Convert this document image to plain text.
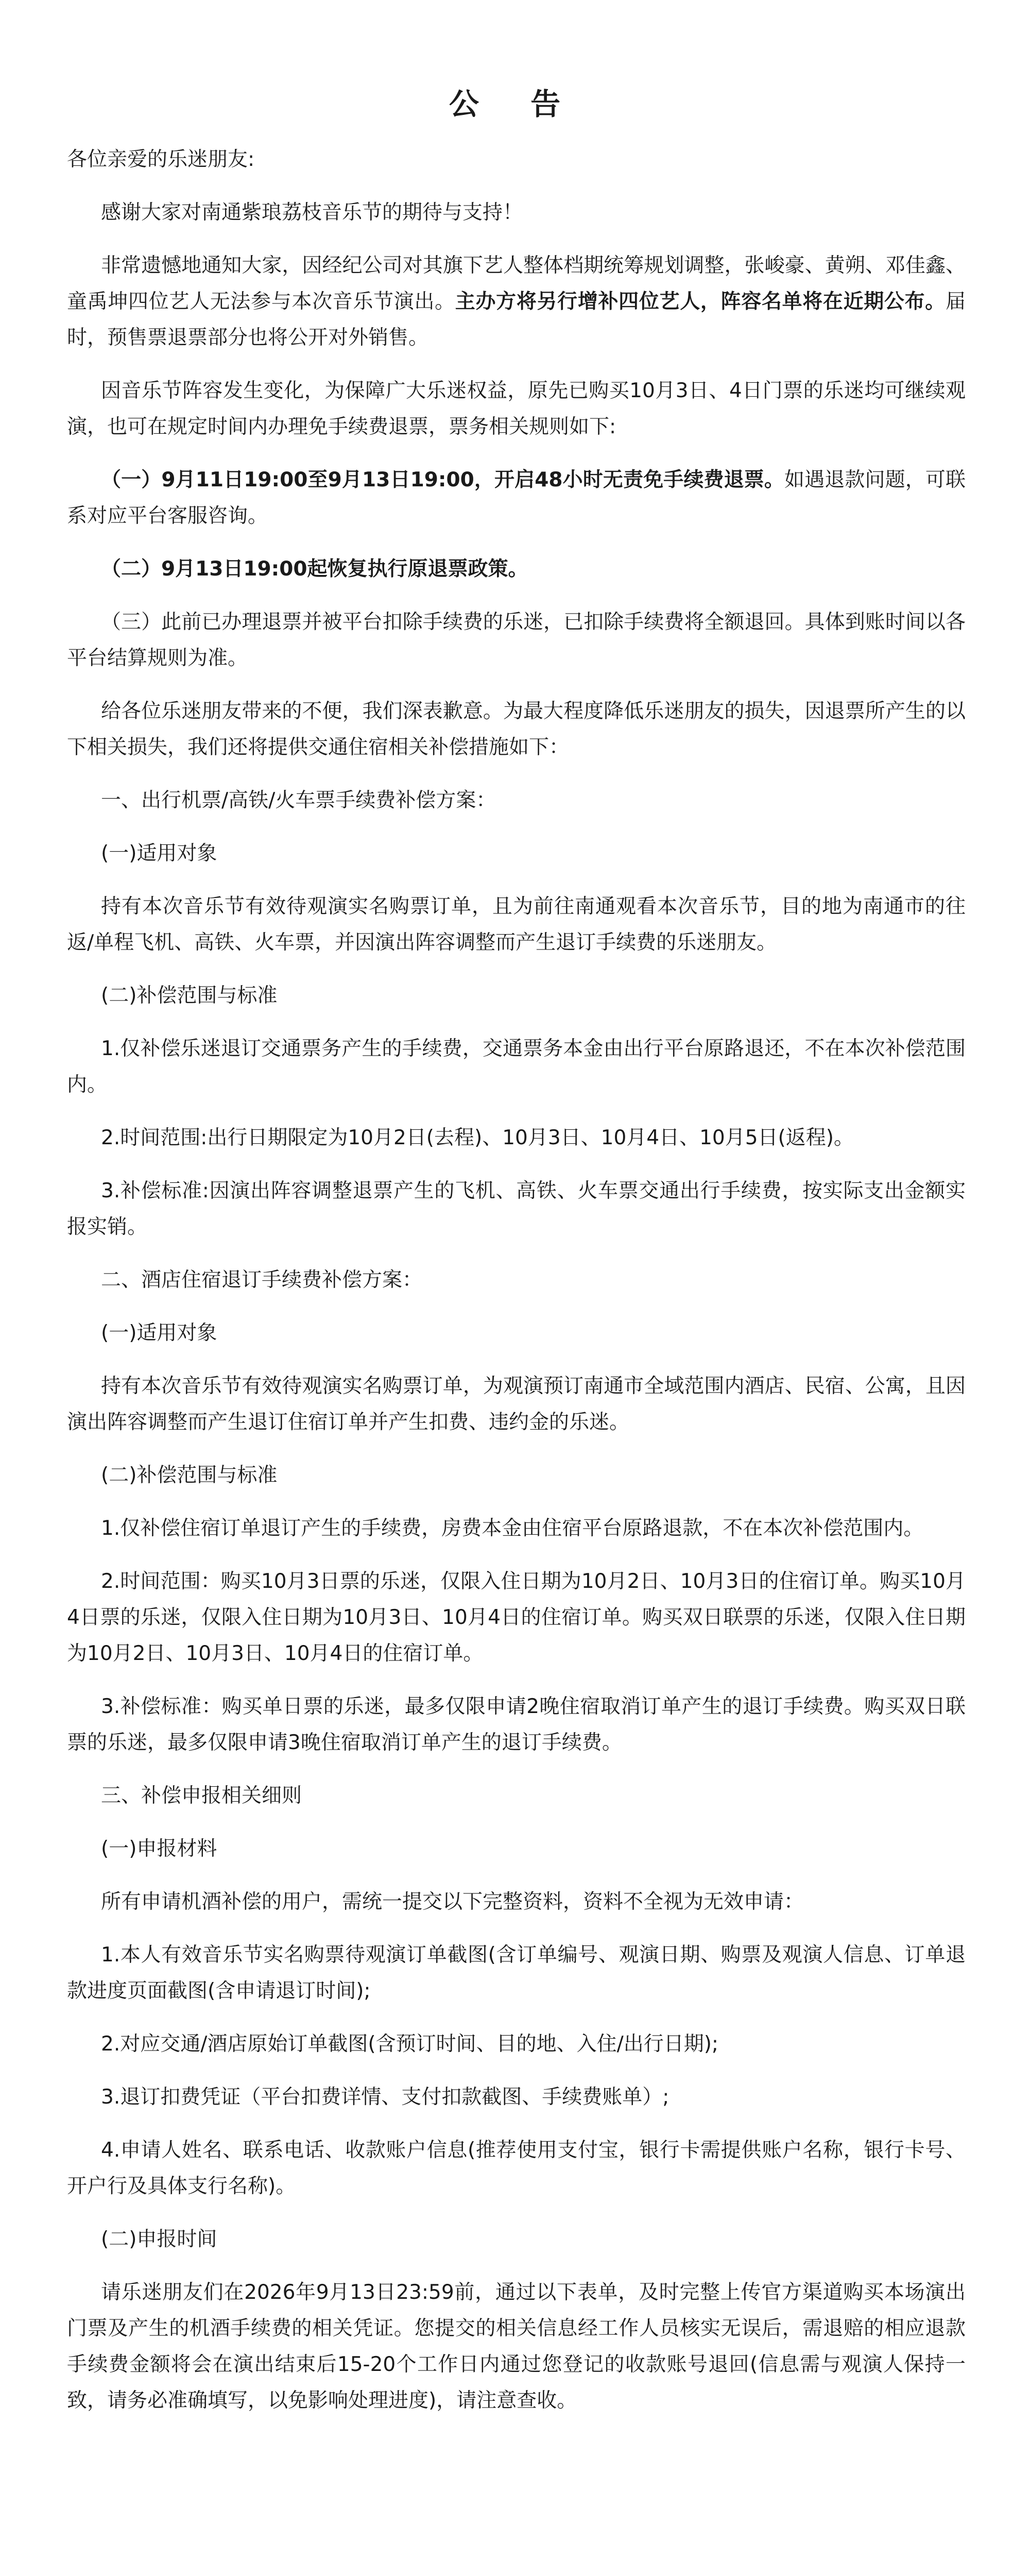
公 告

各位亲爱的乐迷朋友:

感谢大家对南通紫琅荔枝音乐节的期待与支持！

非常遗憾地通知大家，因经纪公司对其旗下艺人整体档期统筹规划调整，张峻豪、黄朔、邓佳鑫、童禹坤四位艺人无法参与本次音乐节演出。主办方将另行增补四位艺人，阵容名单将在近期公布。届时，预售票退票部分也将公开对外销售。

因音乐节阵容发生变化，为保障广大乐迷权益，原先已购买10月3日、4日门票的乐迷均可继续观演，也可在规定时间内办理免手续费退票，票务相关规则如下:

（一）9月11日19:00至9月13日19:00，开启48小时无责免手续费退票。如遇退款问题，可联系对应平台客服咨询。

（二）9月13日19:00起恢复执行原退票政策。

（三）此前已办理退票并被平台扣除手续费的乐迷，已扣除手续费将全额退回。具体到账时间以各平台结算规则为准。

给各位乐迷朋友带来的不便，我们深表歉意。为最大程度降低乐迷朋友的损失，因退票所产生的以下相关损失，我们还将提供交通住宿相关补偿措施如下：

一、出行机票/高铁/火车票手续费补偿方案：

(一)适用对象

持有本次音乐节有效待观演实名购票订单，且为前往南通观看本次音乐节，目的地为南通市的往返/单程飞机、高铁、火车票，并因演出阵容调整而产生退订手续费的乐迷朋友。

(二)补偿范围与标准

1.仅补偿乐迷退订交通票务产生的手续费，交通票务本金由出行平台原路退还，不在本次补偿范围内。

2.时间范围:出行日期限定为10月2日(去程)、10月3日、10月4日、10月5日(返程)。

3.补偿标准:因演出阵容调整退票产生的飞机、高铁、火车票交通出行手续费，按实际支出金额实报实销。

二、酒店住宿退订手续费补偿方案：

(一)适用对象

持有本次音乐节有效待观演实名购票订单，为观演预订南通市全域范围内酒店、民宿、公寓，且因演出阵容调整而产生退订住宿订单并产生扣费、违约金的乐迷。

(二)补偿范围与标准

1.仅补偿住宿订单退订产生的手续费，房费本金由住宿平台原路退款，不在本次补偿范围内。

2.时间范围：购买10月3日票的乐迷，仅限入住日期为10月2日、10月3日的住宿订单。购买10月4日票的乐迷，仅限入住日期为10月3日、10月4日的住宿订单。购买双日联票的乐迷，仅限入住日期为10月2日、10月3日、10月4日的住宿订单。

3.补偿标准：购买单日票的乐迷，最多仅限申请2晚住宿取消订单产生的退订手续费。购买双日联票的乐迷，最多仅限申请3晚住宿取消订单产生的退订手续费。

三、补偿申报相关细则

(一)申报材料

所有申请机酒补偿的用户，需统一提交以下完整资料，资料不全视为无效申请：

1.本人有效音乐节实名购票待观演订单截图(含订单编号、观演日期、购票及观演人信息、订单退款进度页面截图(含申请退订时间);

2.对应交通/酒店原始订单截图(含预订时间、目的地、入住/出行日期);

3.退订扣费凭证（平台扣费详情、支付扣款截图、手续费账单）;

4.申请人姓名、联系电话、收款账户信息(推荐使用支付宝，银行卡需提供账户名称，银行卡号、开户行及具体支行名称)。

(二)申报时间

请乐迷朋友们在2026年9月13日23:59前，通过以下表单，及时完整上传官方渠道购买本场演出门票及产生的机酒手续费的相关凭证。您提交的相关信息经工作人员核实无误后，需退赔的相应退款手续费金额将会在演出结束后15-20个工作日内通过您登记的收款账号退回(信息需与观演人保持一致，请务必准确填写，以免影响处理进度)，请注意查收。
